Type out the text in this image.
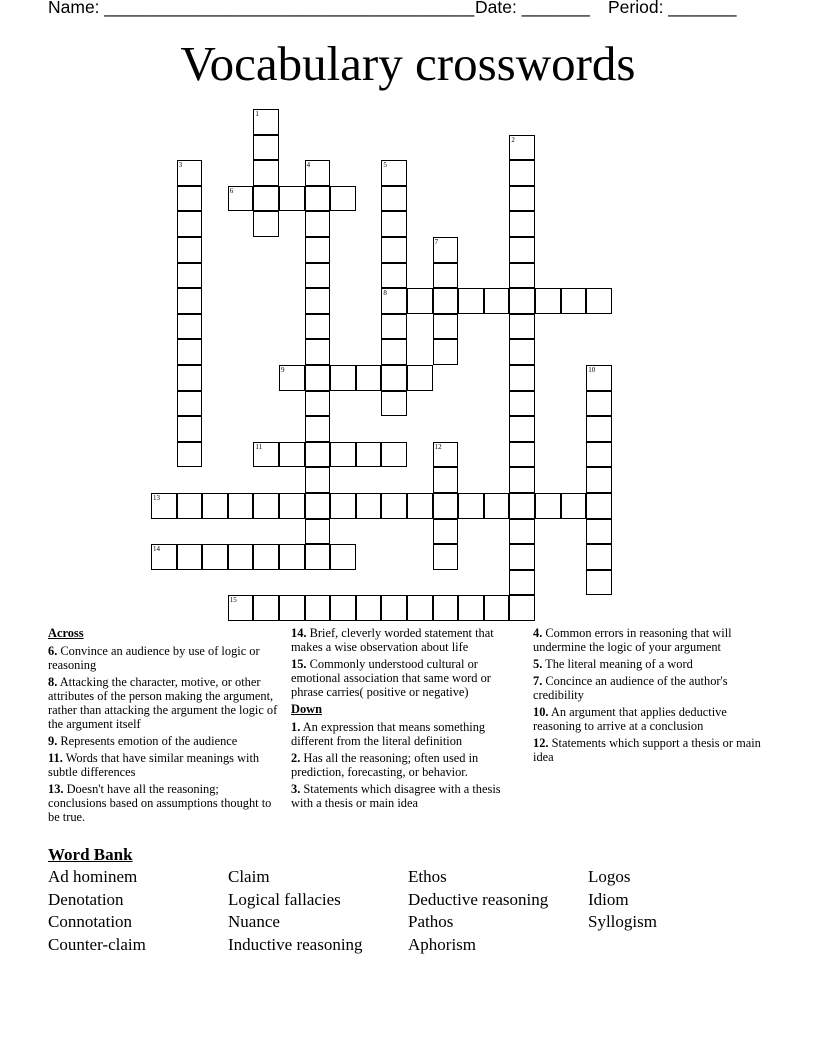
Name: ______________________________________ Date: _______ Period: _______
Vocabulary crosswords
1
2
3	4	5
8
6
7
9	10
11	12
13
14
15
Across
6. Convince an audience by use of logic or reasoning
8. Attacking the character, motive, or other attributes of the person making the argument, rather than attacking the argument the logic of the argument itself
9. Represents emotion of the audience
11. Words that have similar meanings with subtle differences
13. Doesn't have all the reasoning; conclusions based on assumptions thought to be true.
14. Brief, cleverly worded statement that makes a wise observation about life
15. Commonly understood cultural or emotional association that same word or phrase carries( positive or negative)
Down
1. An expression that means something different from the literal definition
2. Has all the reasoning; often used in prediction, forecasting, or behavior.
3. Statements which disagree with a thesis with a thesis or main idea
4. Common errors in reasoning that will undermine the logic of your argument
5. The literal meaning of a word
7. Concince an audience of the author's credibility
10. An argument that applies deductive reasoning to arrive at a conclusion
12. Statements which support a thesis or main idea
Word Bank
Ad hominem
Denotation
Connotation
Counter-claim
Claim
Logical fallacies
Nuance
Inductive reasoning
Ethos
Deductive reasoning
Pathos
Aphorism
Logos
Idiom
Syllogism
